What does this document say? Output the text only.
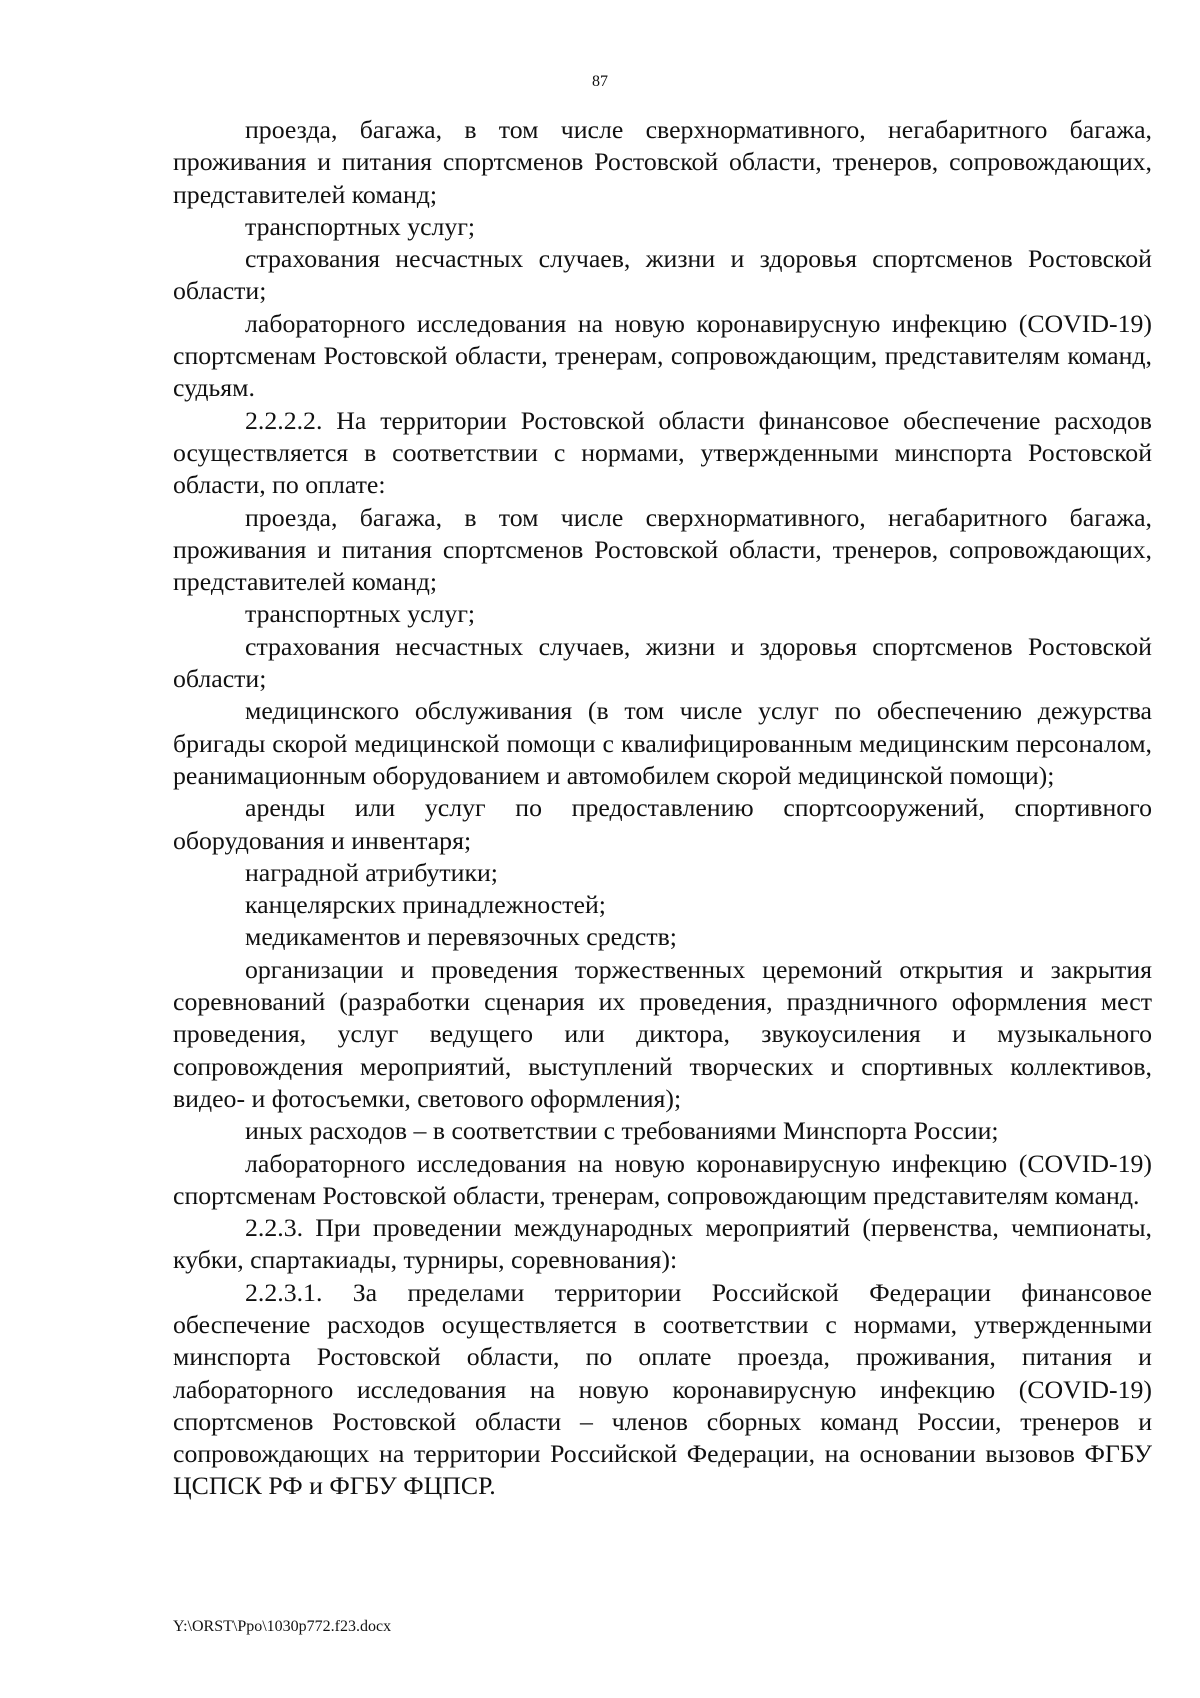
87

проезда, багажа, в том числе сверхнормативного, негабаритного багажа, проживания и питания спортсменов Ростовской области, тренеров, сопровождающих, представителей команд;

транспортных услуг;

страхования несчастных случаев, жизни и здоровья спортсменов Ростовской области;

лабораторного исследования на новую коронавирусную инфекцию (COVID-19) спортсменам Ростовской области, тренерам, сопровождающим, представителям команд, судьям.

2.2.2.2. На территории Ростовской области финансовое обеспечение расходов осуществляется в соответствии с нормами, утвержденными минспорта Ростовской области, по оплате:

проезда, багажа, в том числе сверхнормативного, негабаритного багажа, проживания и питания спортсменов Ростовской области, тренеров, сопровождающих, представителей команд;

транспортных услуг;

страхования несчастных случаев, жизни и здоровья спортсменов Ростовской области;

медицинского обслуживания (в том числе услуг по обеспечению дежурства бригады скорой медицинской помощи с квалифицированным медицинским персоналом, реанимационным оборудованием и автомобилем скорой медицинской помощи);

аренды или услуг по предоставлению спортсооружений, спортивного оборудования и инвентаря;

наградной атрибутики;

канцелярских принадлежностей;

медикаментов и перевязочных средств;

организации и проведения торжественных церемоний открытия и закрытия соревнований (разработки сценария их проведения, праздничного оформления мест проведения, услуг ведущего или диктора, звукоусиления и музыкального сопровождения мероприятий, выступлений творческих и спортивных коллективов, видео- и фотосъемки, светового оформления);

иных расходов – в соответствии с требованиями Минспорта России;

лабораторного исследования на новую коронавирусную инфекцию (COVID-19) спортсменам Ростовской области, тренерам, сопровождающим представителям команд.

2.2.3. При проведении международных мероприятий (первенства, чемпионаты, кубки, спартакиады, турниры, соревнования):

2.2.3.1. За пределами территории Российской Федерации финансовое обеспечение расходов осуществляется в соответствии с нормами, утвержденными минспорта Ростовской области, по оплате проезда, проживания, питания и лабораторного исследования на новую коронавирусную инфекцию (COVID-19) спортсменов Ростовской области – членов сборных команд России, тренеров и сопровождающих на территории Российской Федерации, на основании вызовов ФГБУ ЦСПСК РФ и ФГБУ ФЦПСР.

Y:\ORST\Ppo\1030p772.f23.docx
